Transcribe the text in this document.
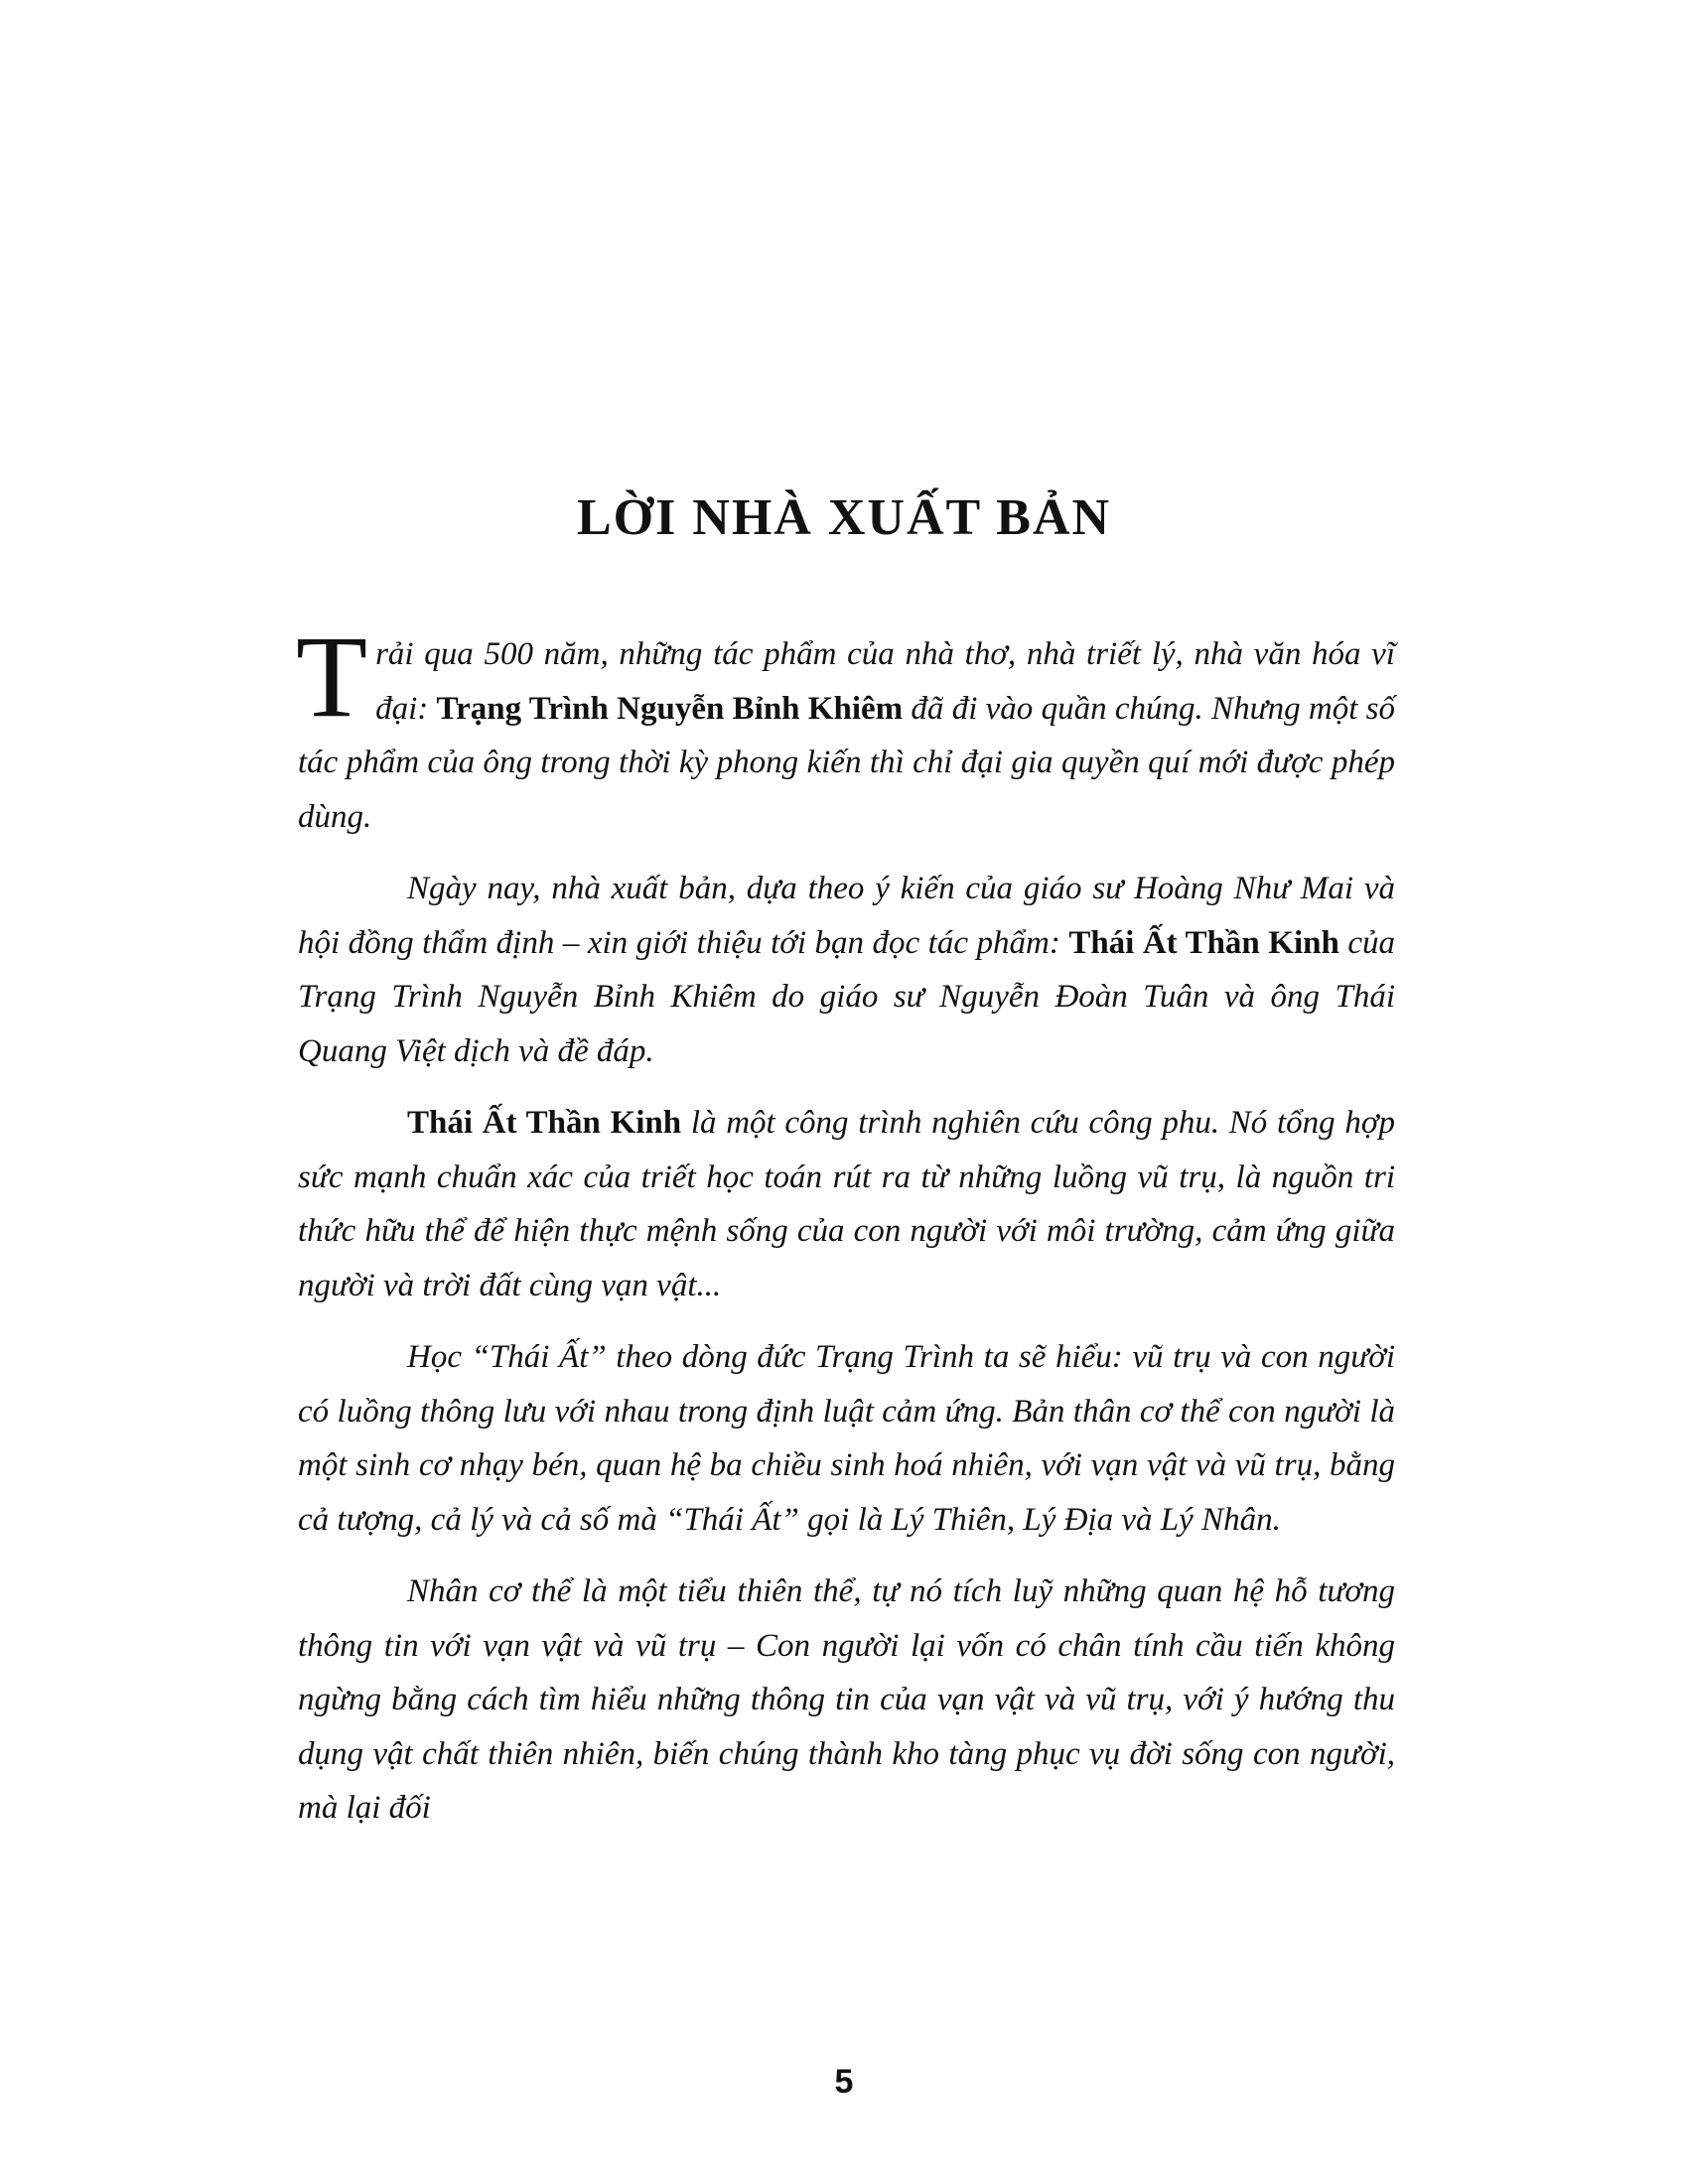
LỜI NHÀ XUẤT BẢN

Trải qua 500 năm, những tác phẩm của nhà thơ, nhà triết lý, nhà văn hóa vĩ đại: Trạng Trình Nguyễn Bỉnh Khiêm đã đi vào quần chúng. Nhưng một số tác phẩm của ông trong thời kỳ phong kiến thì chỉ đại gia quyền quí mới được phép dùng.

Ngày nay, nhà xuất bản, dựa theo ý kiến của giáo sư Hoàng Như Mai và hội đồng thẩm định – xin giới thiệu tới bạn đọc tác phẩm: Thái Ất Thần Kinh của Trạng Trình Nguyễn Bỉnh Khiêm do giáo sư Nguyễn Đoàn Tuân và ông Thái Quang Việt dịch và đề đáp.

Thái Ất Thần Kinh là một công trình nghiên cứu công phu. Nó tổng hợp sức mạnh chuẩn xác của triết học toán rút ra từ những luồng vũ trụ, là nguồn tri thức hữu thể để hiện thực mệnh sống của con người với môi trường, cảm ứng giữa người và trời đất cùng vạn vật...

Học “Thái Ất” theo dòng đức Trạng Trình ta sẽ hiểu: vũ trụ và con người có luồng thông lưu với nhau trong định luật cảm ứng. Bản thân cơ thể con người là một sinh cơ nhạy bén, quan hệ ba chiều sinh hoá nhiên, với vạn vật và vũ trụ, bằng cả tượng, cả lý và cả số mà “Thái Ất” gọi là Lý Thiên, Lý Địa và Lý Nhân.

Nhân cơ thể là một tiểu thiên thể, tự nó tích luỹ những quan hệ hỗ tương thông tin với vạn vật và vũ trụ – Con người lại vốn có chân tính cầu tiến không ngừng bằng cách tìm hiểu những thông tin của vạn vật và vũ trụ, với ý hướng thu dụng vật chất thiên nhiên, biến chúng thành kho tàng phục vụ đời sống con người, mà lại đối

5
